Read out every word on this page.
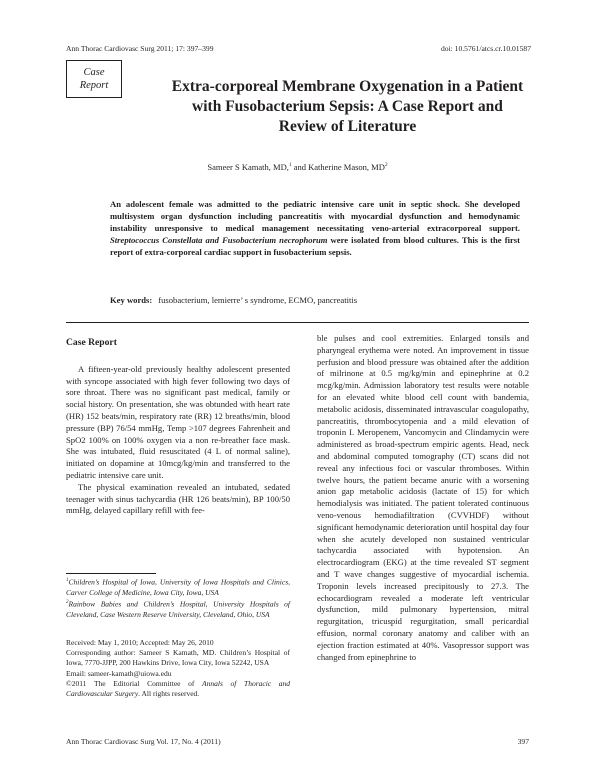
Ann Thorac Cardiovasc Surg 2011; 17: 397–399	doi: 10.5761/atcs.cr.10.01587
Case
Report	Extra-corporeal Membrane Oxygenation in a Patient
with Fusobacterium Sepsis: A Case Report and
Review of Literature
Sameer S Kamath, MD,$^1$ and Katherine Mason, $MD^2$
An adolescent female was admitted to the pediatric intensive care unit in septic shock. She developed multisystem organ dysfunction including pancreatitis with myocardial dysfunction and hemodynamic instability unresponsive to medical management necessitating veno-arterial extracorporeal support. Streptococcus Constellata and Fusobacterium necrophorum were isolated from blood cultures. This is the first report of extra-corporeal cardiac support in fusobacterium sepsis.
Key words: fusobacterium, lemierre’ s syndrome, ECMO, pancreatitis
Case Report

A fifteen-year-old previously healthy adolescent presented with syncope associated with high fever following two days of sore throat. There was no significant past medical, family or social history. On presentation, she was obtunded with heart rate (HR) 152 beats/min, respiratory rate (RR) 12 breaths/min, blood pressure (BP) 76/54 mmHg, Temp >107 degrees Fahrenheit and SpO2 100% on 100% oxygen via a non re-breather face mask. She was intubated, fluid resuscitated (4 L of normal saline), initiated on dopamine at 10mcg/kg/min and transferred to the pediatric intensive care unit.

The physical examination revealed an intubated, sedated teenager with sinus tachycardia (HR 126 beats/min), BP 100/50 mmHg, delayed capillary refill with fee-

ble pulses and cool extremities. Enlarged tonsils and pharyngeal erythema were noted. An improvement in tissue perfusion and blood pressure was obtained after the addition of milrinone at 0.5 mg/kg/min and epinephrine at 0.2 mcg/kg/min. Admission laboratory test results were notable for an elevated white blood cell count with bandemia, metabolic acidosis, disseminated intravascular coagulopathy, pancreatitis, thrombocytopenia and a mild elevation of troponin I. Meropenem, Vancomycin and Clindamycin were administered as broad-spectrum empiric agents. Head, neck and abdominal computed tomography (CT) scans did not reveal any infectious foci or vascular thromboses. Within twelve hours, the patient became anuric with a worsening anion gap metabolic acidosis (lactate of 15) for which hemodialysis was initiated. The patient tolerated continuous veno-venous hemodiafiltration (CVVHDF) without significant hemodynamic deterioration until hospital day four when she acutely developed non sustained ventricular tachycardia associated with hypotension. An electrocardiogram (EKG) at the time revealed ST segment and T wave changes suggestive of myocardial ischemia. Troponin levels increased precipitously to 27.3. The echocardiogram revealed a moderate left ventricular dysfunction, mild pulmonary hypertension, mitral regurgitation, tricuspid regurgitation, small pericardial effusion, normal coronary anatomy and caliber with an ejection fraction estimated at 40%. Vasopressor support was changed from epinephrine to

$^1$Children’s Hospital of Iowa, University of Iowa Hospitals and Clinics, Carver College of Medicine, Iowa City, Iowa, USA
$^2$Rainbow Babies and Children’s Hospital, University Hospitals of Cleveland, Case Western Reserve University, Cleveland, Ohio, USA

Received: May 1, 2010; Accepted: May 26, 2010

Corresponding author: Sameer S Kamath, MD. Children’s Hospital of Iowa, 7770-JJPP, 200 Hawkins Drive, Iowa City, Iowa 52242, USA

Email: sameer-kamath@uiowa.edu

©2011 The Editorial Committee of Annals of Thoracic and Cardiovascular Surgery. All rights reserved.

Ann Thorac Cardiovasc Surg Vol. 17, No. 4 (2011)	397
